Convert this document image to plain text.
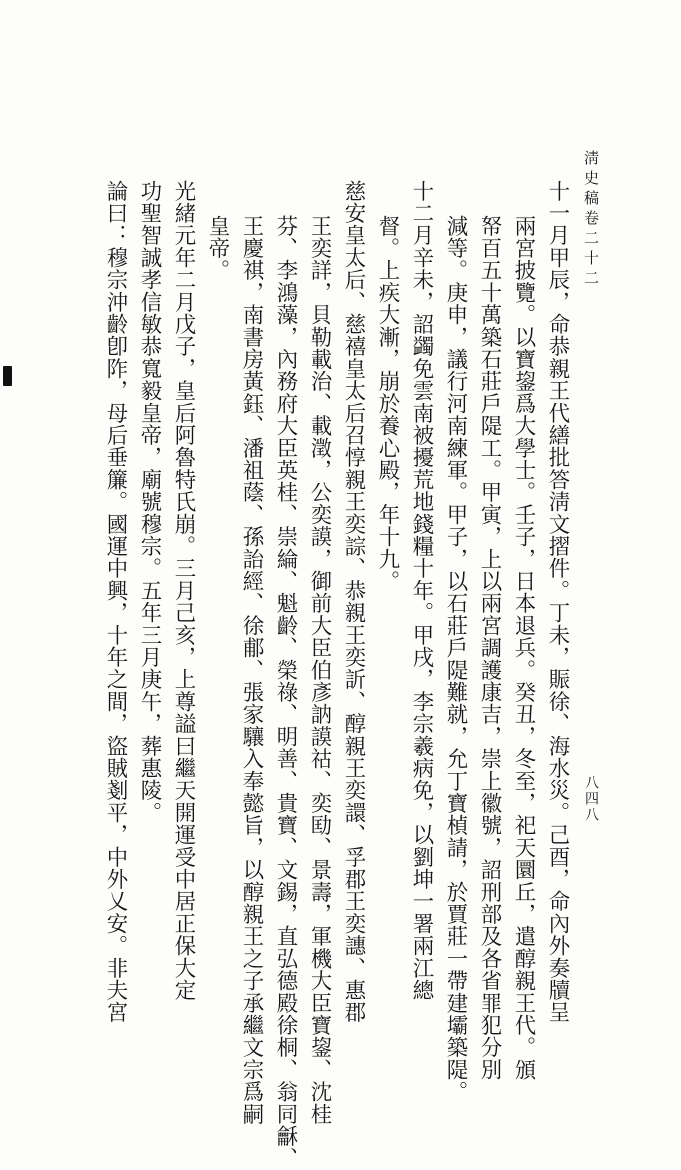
淸史稿卷二十二
十一月甲辰，命恭親王代繕批答淸文摺件。丁未，賑徐、海水災。己酉，命內外奏牘呈
兩宮披覽。以寶鋆爲大學士。壬子，日本退兵。癸丑，冬至，祀天圜丘，遣醇親王代。頒
帑百五十萬築石莊戶隄工。甲寅，上以兩宮調護康吉，崇上徽號，詔刑部及各省罪犯分別
減等。庚申，議行河南練軍。甲子，以石莊戶隄難就，允丁寶楨請，於賈莊一帶建壩築隄。
十二月辛未，詔蠲免雲南被擾荒地錢糧十年。甲戌，李宗羲病免，以劉坤一署兩江總
督。上疾大漸，崩於養心殿，年十九。
慈安皇太后、慈禧皇太后召惇親王奕誴、恭親王奕訢、醇親王奕譞、孚郡王奕譓、惠郡
王奕詳，貝勒載治、載澂，公奕謨，御前大臣伯彥訥謨祜、奕劻、景壽，軍機大臣寶鋆、沈桂
芬、李鴻藻，內務府大臣英桂、崇綸、魁齡、榮祿、明善、貴寶、文錫，直弘德殿徐桐、翁同龢、
王慶祺，南書房黃鈺、潘祖蔭、孫詒經、徐郙、張家驤入奉懿旨，以醇親王之子承繼文宗爲嗣
皇帝。
光緒元年二月戊子，皇后阿魯特氏崩。三月己亥，上尊謚曰繼天開運受中居正保大定
功聖智誠孝信敏恭寬毅皇帝，廟號穆宗。五年三月庚午，葬惠陵。
論曰：穆宗沖齡卽阼，母后垂簾。國運中興，十年之間，盜賊剗平，中外乂安。非夫宮	八四八
